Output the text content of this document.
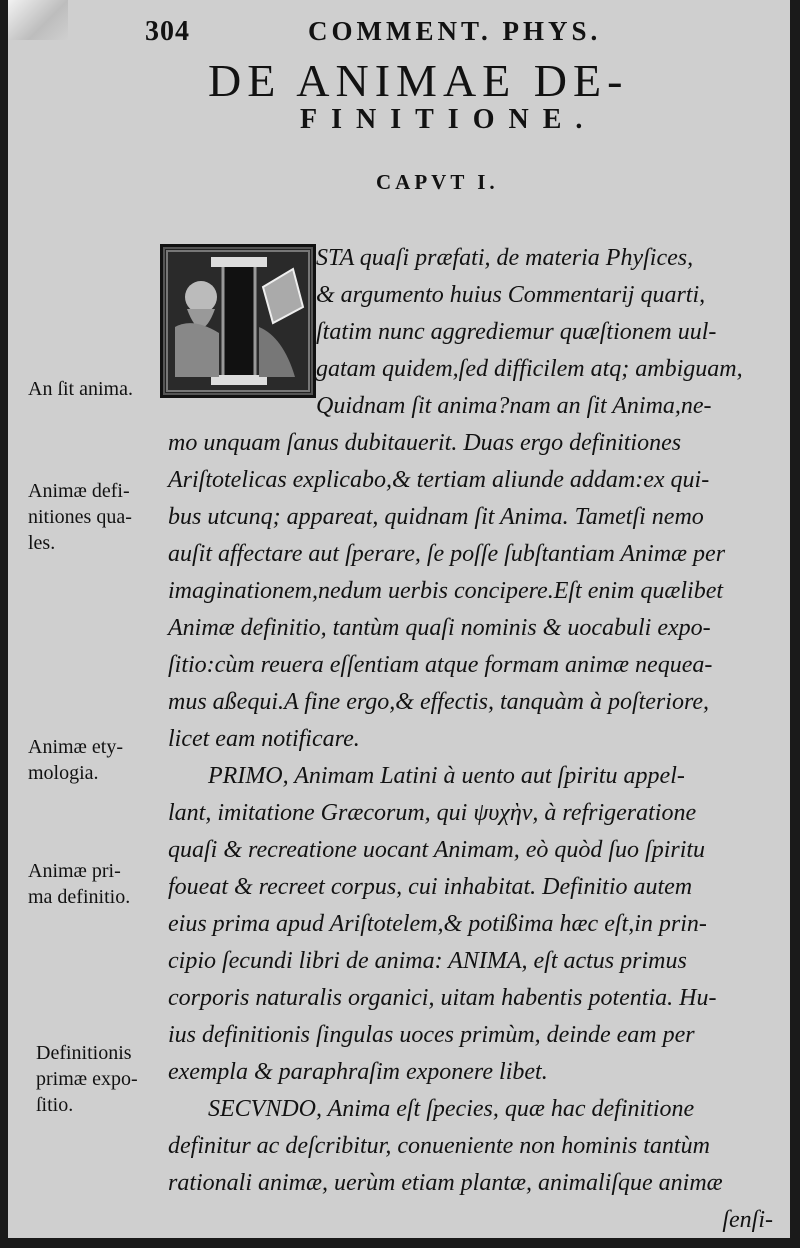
304	COMMENT. PHYS.
DE ANIMAE DE-
FINITIONE.
CAPVT I.
STA quaſi præfati, de materia Phyſices,
& argumento huius Commentarij quarti,
ſtatim nunc aggrediemur quæſtionem uul-
gatam quidem,ſed difficilem atq; ambiguam,
Quidnam ſit anima?nam an ſit Anima,ne-
mo unquam ſanus dubitauerit. Duas ergo definitiones
Ariſtotelicas explicabo,& tertiam aliunde addam:ex qui-
bus utcunq; appareat, quidnam ſit Anima. Tametſi nemo
auſit affectare aut ſperare, ſe poſſe ſubſtantiam Animæ per
imaginationem,nedum uerbis concipere.Eſt enim quælibet
Animæ definitio, tantùm quaſi nominis & uocabuli expo-
ſitio:cùm reuera eſſentiam atque formam animæ nequea-
mus aßequi.A fine ergo,& effectis, tanquàm à poſteriore,
licet eam notificare.
PRIMO, Animam Latini à uento aut ſpiritu appel-
lant, imitatione Græcorum, qui ψυχὴν, à refrigeratione
quaſi & recreatione uocant Animam, eò quòd ſuo ſpiritu
foueat & recreet corpus, cui inhabitat. Definitio autem
eius prima apud Ariſtotelem,& potißima hæc eſt,in prin-
cipio ſecundi libri de anima: ANIMA, eſt actus primus
corporis naturalis organici, uitam habentis potentia. Hu-
ius definitionis ſingulas uoces primùm, deinde eam per
exempla & paraphraſim exponere libet.
SECVNDO, Anima eſt ſpecies, quæ hac definitione
definitur ac deſcribitur, conueniente non hominis tantùm
rationali animæ, uerùm etiam plantæ, animaliſque animæ
ſenſi-
An ſit anima.
Animæ defi-
nitiones qua-
les.
Animæ ety-
mologia.
Animæ pri-
ma definitio.
Definitionis
primæ expo-
ſitio.
